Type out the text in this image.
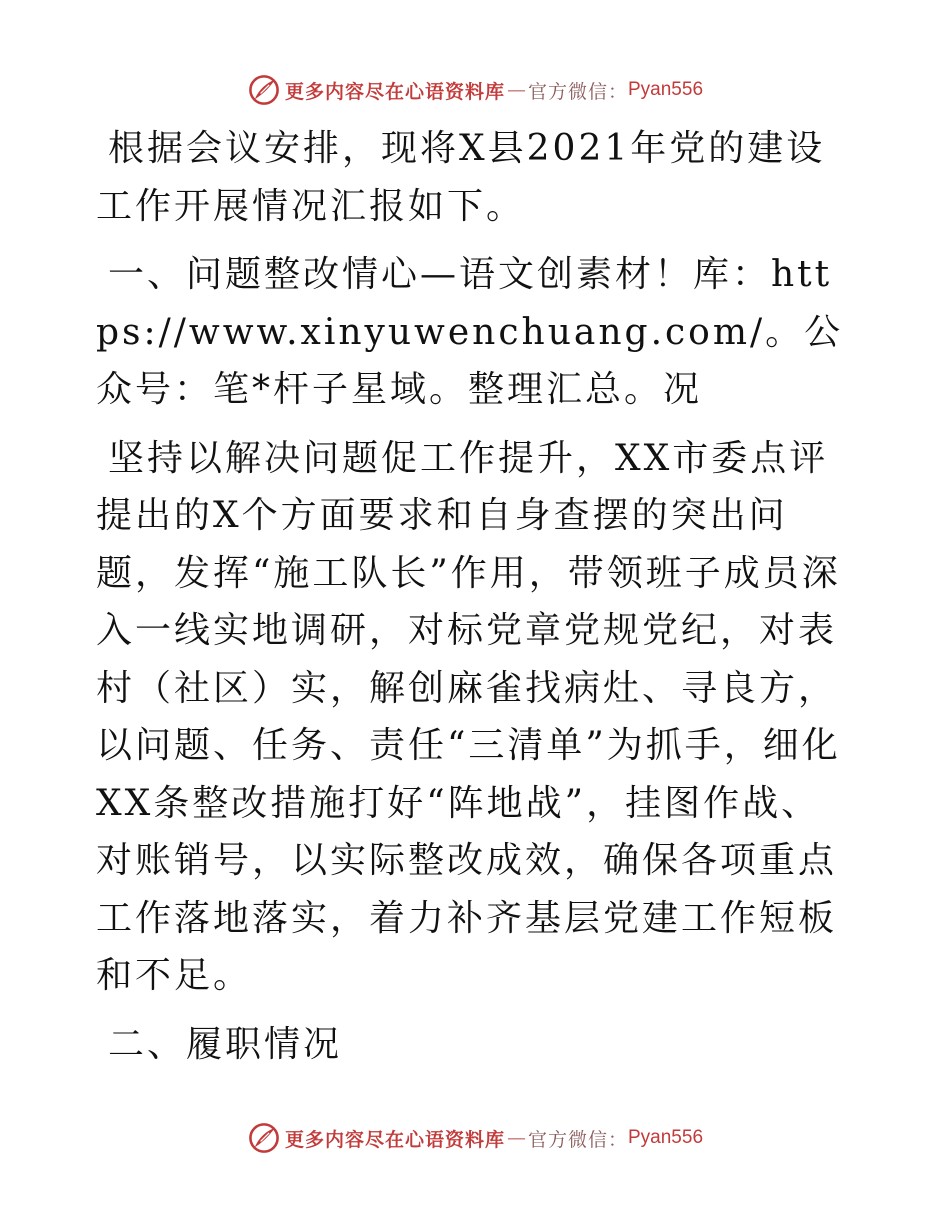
更多内容尽在心语资料库 — 官方微信： Pyan556

根据会议安排，现将X县2021年党的建设工作开展情况汇报如下。

一、问题整改情心—语文创素材！库：https://www.xinyuwenchuang.com/。公众号：笔*杆子星域。整理汇总。况

坚持以解决问题促工作提升，XX市委点评提出的X个方面要求和自身查摆的突出问题，发挥“施工队长”作用，带领班子成员深入一线实地调研，对标党章党规党纪，对表村（社区）实，解创麻雀找病灶、寻良方，以问题、任务、责任“三清单”为抓手，细化XX条整改措施打好“阵地战”，挂图作战、对账销号，以实际整改成效，确保各项重点工作落地落实，着力补齐基层党建工作短板和不足。

二、履职情况

更多内容尽在心语资料库 — 官方微信： Pyan556
